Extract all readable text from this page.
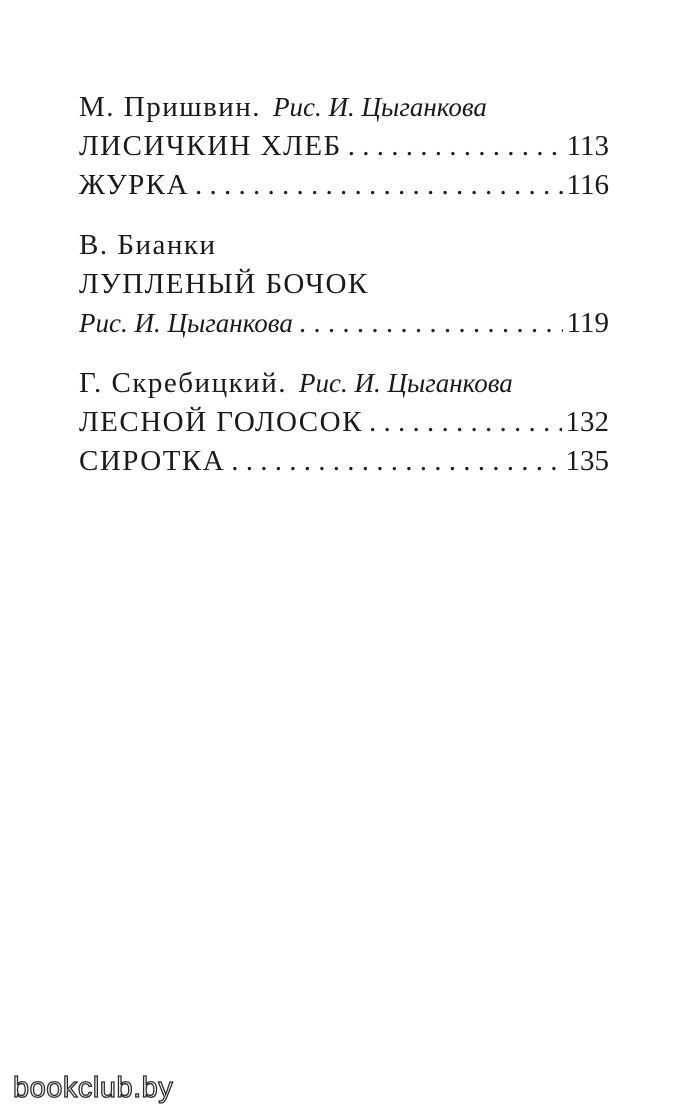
М. Пришвин. Рис. И. Цыганкова
ЛИСИЧКИН ХЛЕБ . . .	113
ЖУРКА . . .	116
В. Бианки
ЛУПЛЕНЫЙ БОЧОК
Рис. И. Цыганкова . . .	119
Г. Скребицкий. Рис. И. Цыганкова
ЛЕСНОЙ ГОЛОСОК . . .	132
СИРОТКА . . .	135
bookclub.by
